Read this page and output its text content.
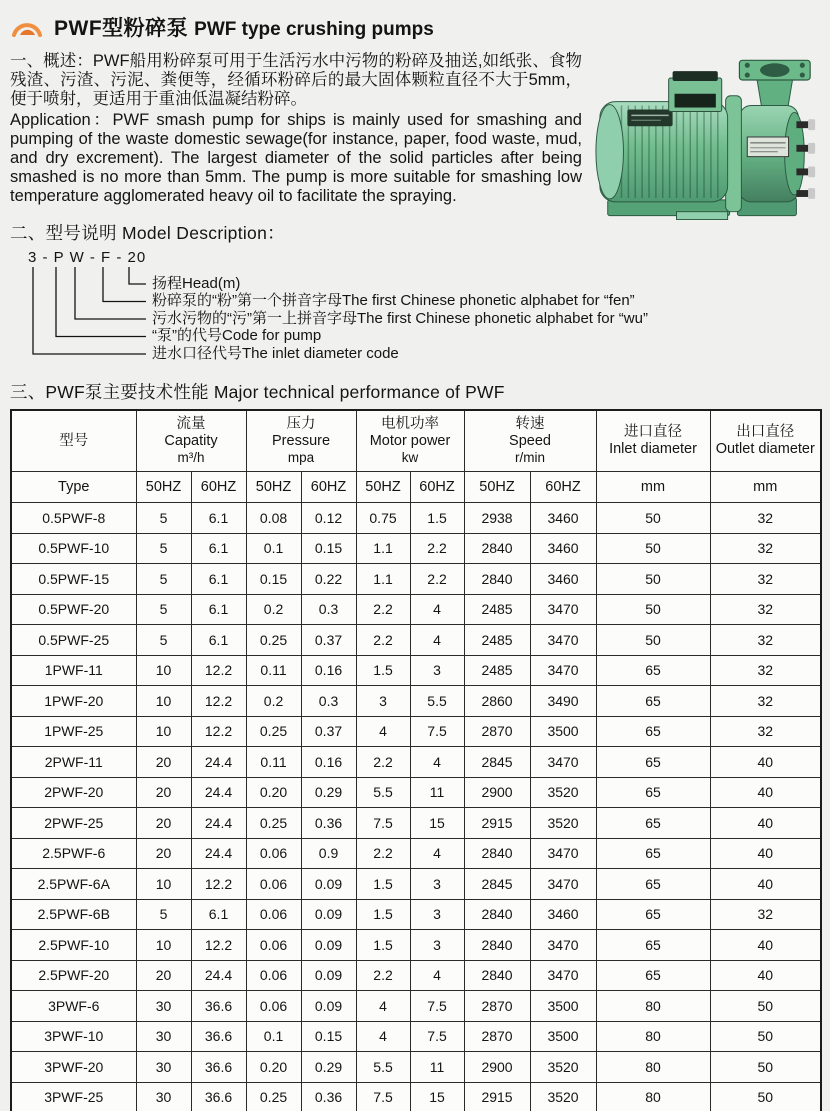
PWF型粉碎泵 PWF type crushing pumps

一、概述：PWF船用粉碎泵可用于生活污水中污物的粉碎及抽送,如纸张、食物残渣、污渣、污泥、粪便等，经循环粉碎后的最大固体颗粒直径不大于5mm，便于喷射，更适用于重油低温凝结粉碎。

Application：PWF smash pump for ships is mainly used for smashing and pumping of the waste domestic sewage(for instance, paper, food waste, mud, and dry excrement). The largest diameter of the solid particles after being smashed is no more than 5mm. The pump is more suitable for smashing low temperature agglomerated heavy oil to facilitate the spraying.

二、型号说明 Model Description：
3 - P W - F - 20
扬程Head(m)
粉碎泵的“粉”第一个拼音字母The first Chinese phonetic alphabet for “fen”
污水污物的“污”第一上拼音字母The first Chinese phonetic alphabet for “wu”
“泵”的代号Code for pump
进水口径代号The inlet diameter code
三、PWF泵主要技术性能 Major technical performance of PWF
型号

流量
Capatity
m³/h

压力
Pressure
mpa

电机功率
Motor power
kw

转速
Speed
r/min

进口直径
Inlet diameter

出口直径
Outlet diameter

Type	50HZ	60HZ	50HZ	60HZ	50HZ	60HZ	50HZ	60HZ	mm	mm
0.5PWF-8	5	6.1	0.08	0.12	0.75	1.5	2938	3460	50	32
0.5PWF-10	5	6.1	0.1	0.15	1.1	2.2	2840	3460	50	32
0.5PWF-15	5	6.1	0.15	0.22	1.1	2.2	2840	3460	50	32
0.5PWF-20	5	6.1	0.2	0.3	2.2	4	2485	3470	50	32
0.5PWF-25	5	6.1	0.25	0.37	2.2	4	2485	3470	50	32
1PWF-11	10	12.2	0.11	0.16	1.5	3	2485	3470	65	32
1PWF-20	10	12.2	0.2	0.3	3	5.5	2860	3490	65	32
1PWF-25	10	12.2	0.25	0.37	4	7.5	2870	3500	65	32
2PWF-11	20	24.4	0.11	0.16	2.2	4	2845	3470	65	40
2PWF-20	20	24.4	0.20	0.29	5.5	11	2900	3520	65	40
2PWF-25	20	24.4	0.25	0.36	7.5	15	2915	3520	65	40
2.5PWF-6	20	24.4	0.06	0.9	2.2	4	2840	3470	65	40
2.5PWF-6A	10	12.2	0.06	0.09	1.5	3	2845	3470	65	40
2.5PWF-6B	5	6.1	0.06	0.09	1.5	3	2840	3460	65	32
2.5PWF-10	10	12.2	0.06	0.09	1.5	3	2840	3470	65	40
2.5PWF-20	20	24.4	0.06	0.09	2.2	4	2840	3470	65	40
3PWF-6	30	36.6	0.06	0.09	4	7.5	2870	3500	80	50
3PWF-10	30	36.6	0.1	0.15	4	7.5	2870	3500	80	50
3PWF-20	30	36.6	0.20	0.29	5.5	11	2900	3520	80	50
3PWF-25	30	36.6	0.25	0.36	7.5	15	2915	3520	80	50
